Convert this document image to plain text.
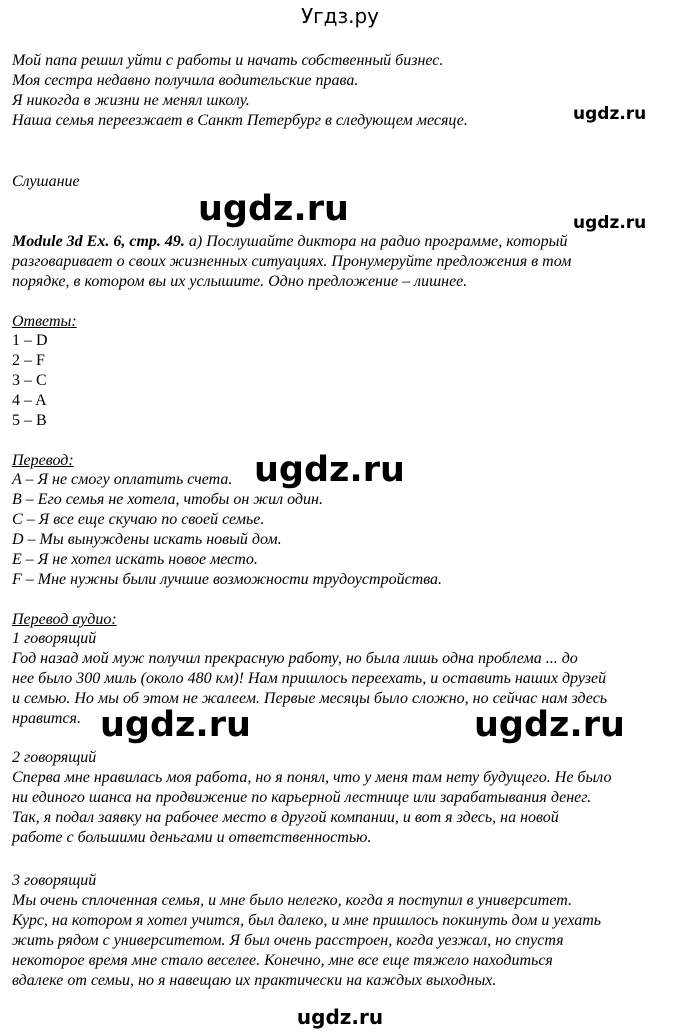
Угдз.ру

Мой папа решил уйти с работы и начать собственный бизнес.

Моя сестра недавно получила водительские права.

Я никогда в жизни не менял школу.

Наша семья переезжает в Санкт Петербург в следующем месяце.

Слушание

Module 3d Ex. 6, стр. 49. а) Послушайте диктора на радио программе, который

разговаривает о своих жизненных ситуациях. Пронумеруйте предложения в том

порядке, в котором вы их услышите. Одно предложение – лишнее.

Ответы:

1 – D

2 – F

3 – C

4 – A

5 – B

Перевод:

A – Я не смогу оплатить счета.

B – Его семья не хотела, чтобы он жил один.

C – Я все еще скучаю по своей семье.

D – Мы вынуждены искать новый дом.

E – Я не хотел искать новое место.

F – Мне нужны были лучшие возможности трудоустройства.

Перевод аудио:

1 говорящий

Год назад мой муж получил прекрасную работу, но была лишь одна проблема ... до

нее было 300 миль (около 480 км)! Нам пришлось переехать, и оставить наших друзей

и семью. Но мы об этом не жалеем. Первые месяцы было сложно, но сейчас нам здесь

нравится.

2 говорящий

Сперва мне нравилась моя работа, но я понял, что у меня там нету будущего. Не было

ни единого шанса на продвижение по карьерной лестнице или зарабатывания денег.

Так, я подал заявку на рабочее место в другой компании, и вот я здесь, на новой

работе с большими деньгами и ответственностью.

3 говорящий

Мы очень сплоченная семья, и мне было нелегко, когда я поступил в университет.

Курс, на котором я хотел учится, был далеко, и мне пришлось покинуть дом и уехать

жить рядом с университетом. Я был очень расстроен, когда уезжал, но спустя

некоторое время мне стало веселее. Конечно, мне все еще тяжело находиться

вдалеке от семьи, но я навещаю их практически на каждых выходных.

ugdz.ru
ugdz.ru
ugdz.ru
ugdz.ru
ugdz.ru	ugdz.ru
ugdz.ru
